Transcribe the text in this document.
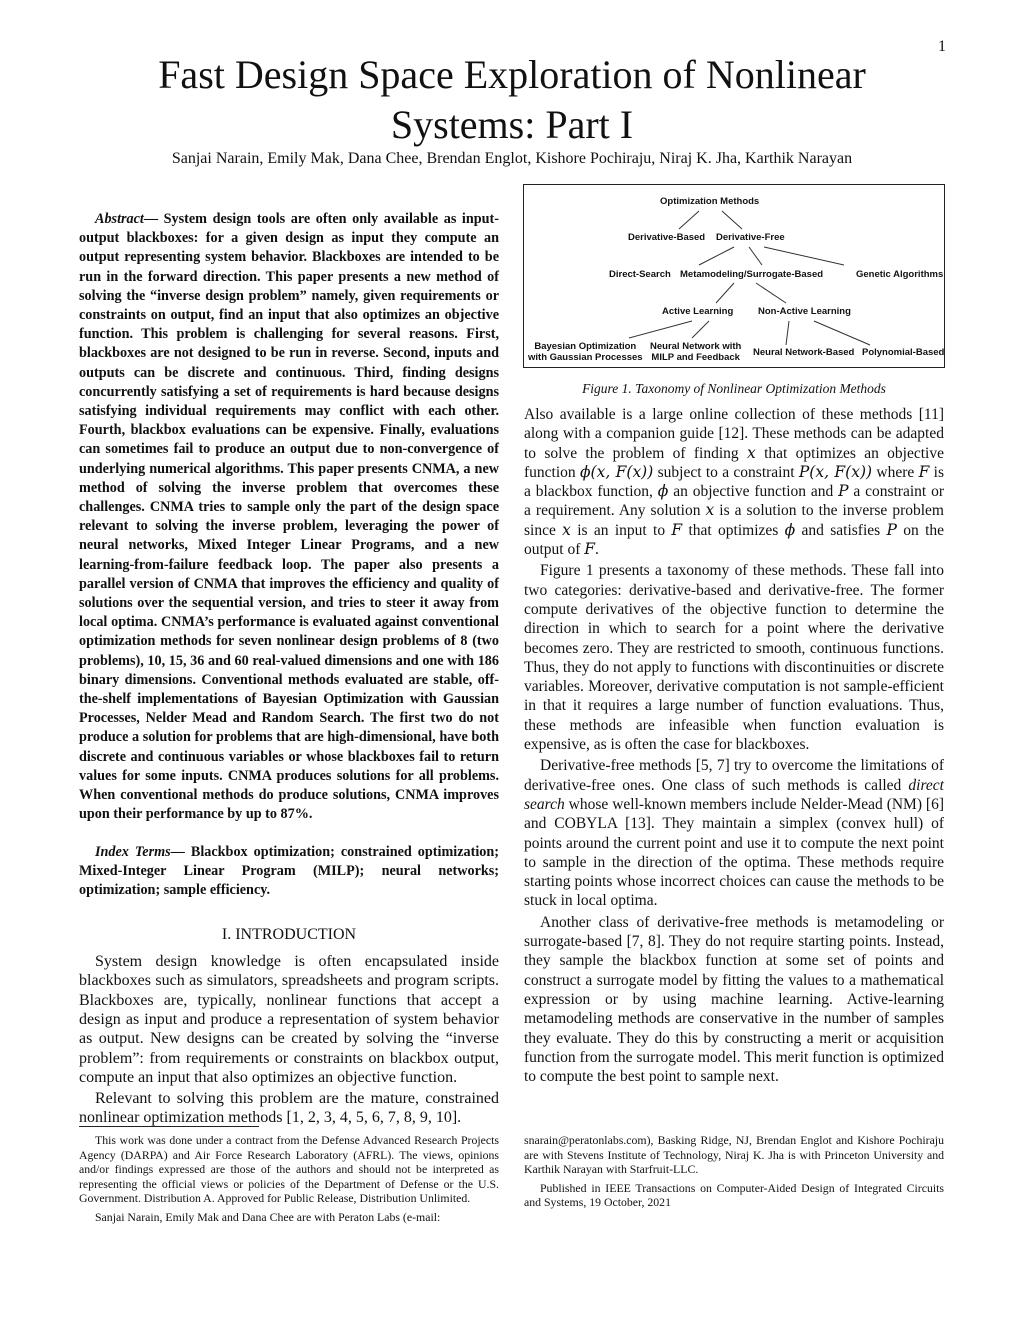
1
Fast Design Space Exploration of Nonlinear
Systems: Part I
Sanjai Narain, Emily Mak, Dana Chee, Brendan Englot, Kishore Pochiraju, Niraj K. Jha, Karthik Narayan

Abstract— System design tools are often only available as input-output blackboxes: for a given design as input they compute an output representing system behavior. Blackboxes are intended to be run in the forward direction. This paper presents a new method of solving the “inverse design problem” namely, given requirements or constraints on output, find an input that also optimizes an objective function. This problem is challenging for several reasons. First, blackboxes are not designed to be run in reverse. Second, inputs and outputs can be discrete and continuous. Third, finding designs concurrently satisfying a set of requirements is hard because designs satisfying individual requirements may conflict with each other. Fourth, blackbox evaluations can be expensive. Finally, evaluations can sometimes fail to produce an output due to non-convergence of underlying numerical algorithms. This paper presents CNMA, a new method of solving the inverse problem that overcomes these challenges. CNMA tries to sample only the part of the design space relevant to solving the inverse problem, leveraging the power of neural networks, Mixed Integer Linear Programs, and a new learning-from-failure feedback loop. The paper also presents a parallel version of CNMA that improves the efficiency and quality of solutions over the sequential version, and tries to steer it away from local optima. CNMA’s performance is evaluated against conventional optimization methods for seven nonlinear design problems of 8 (two problems), 10, 15, 36 and 60 real-valued dimensions and one with 186 binary dimensions. Conventional methods evaluated are stable, off-the-shelf implementations of Bayesian Optimization with Gaussian Processes, Nelder Mead and Random Search. The first two do not produce a solution for problems that are high-dimensional, have both discrete and continuous variables or whose blackboxes fail to return values for some inputs. CNMA produces solutions for all problems. When conventional methods do produce solutions, CNMA improves upon their performance by up to 87%.

Index Terms— Blackbox optimization; constrained optimization; Mixed-Integer Linear Program (MILP); neural networks; optimization; sample efficiency.

I. INTRODUCTION

System design knowledge is often encapsulated inside blackboxes such as simulators, spreadsheets and program scripts. Blackboxes are, typically, nonlinear functions that accept a design as input and produce a representation of system behavior as output. New designs can be created by solving the “inverse problem”: from requirements or constraints on blackbox output, compute an input that also optimizes an objective function.

Relevant to solving this problem are the mature, constrained nonlinear optimization methods [1, 2, 3, 4, 5, 6, 7, 8, 9, 10].

Optimization Methods
Derivative-Based Derivative-Free
Direct-Search Metamodeling/Surrogate-Based	Genetic Algorithms
Active Learning	Non-Active Learning
Bayesian Optimization
with Gaussian Processes
Neural Network with
MILP and Feedback Neural Network-Based Polynomial-Based
Figure 1. Taxonomy of Nonlinear Optimization Methods

Also available is a large online collection of these methods [11] along with a companion guide [12]. These methods can be adapted to solve the problem of finding x that optimizes an objective function ϕ(x, F(x)) subject to a constraint P(x, F(x)) where F is a blackbox function, ϕ an objective function and P a constraint or a requirement. Any solution x is a solution to the inverse problem since x is an input to F that optimizes ϕ and satisfies P on the output of F.

Figure 1 presents a taxonomy of these methods. These fall into two categories: derivative-based and derivative-free. The former compute derivatives of the objective function to determine the direction in which to search for a point where the derivative becomes zero. They are restricted to smooth, continuous functions. Thus, they do not apply to functions with discontinuities or discrete variables. Moreover, derivative computation is not sample-efficient in that it requires a large number of function evaluations. Thus, these methods are infeasible when function evaluation is expensive, as is often the case for blackboxes.

Derivative-free methods [5, 7] try to overcome the limitations of derivative-free ones. One class of such methods is called direct search whose well-known members include Nelder-Mead (NM) [6] and COBYLA [13]. They maintain a simplex (convex hull) of points around the current point and use it to compute the next point to sample in the direction of the optima. These methods require starting points whose incorrect choices can cause the methods to be stuck in local optima.

Another class of derivative-free methods is metamodeling or surrogate-based [7, 8]. They do not require starting points. Instead, they sample the blackbox function at some set of points and construct a surrogate model by fitting the values to a mathematical expression or by using machine learning. Active-learning metamodeling methods are conservative in the number of samples they evaluate. They do this by constructing a merit or acquisition function from the surrogate model. This merit function is optimized to compute the best point to sample next.

This work was done under a contract from the Defense Advanced Research Projects Agency (DARPA) and Air Force Research Laboratory (AFRL). The views, opinions and/or findings expressed are those of the authors and should not be interpreted as representing the official views or policies of the Department of Defense or the U.S. Government. Distribution A. Approved for Public Release, Distribution Unlimited.

Sanjai Narain, Emily Mak and Dana Chee are with Peraton Labs (e-mail:

snarain@peratonlabs.com), Basking Ridge, NJ, Brendan Englot and Kishore Pochiraju are with Stevens Institute of Technology, Niraj K. Jha is with Princeton University and Karthik Narayan with Starfruit-LLC.

Published in IEEE Transactions on Computer-Aided Design of Integrated Circuits and Systems, 19 October, 2021
